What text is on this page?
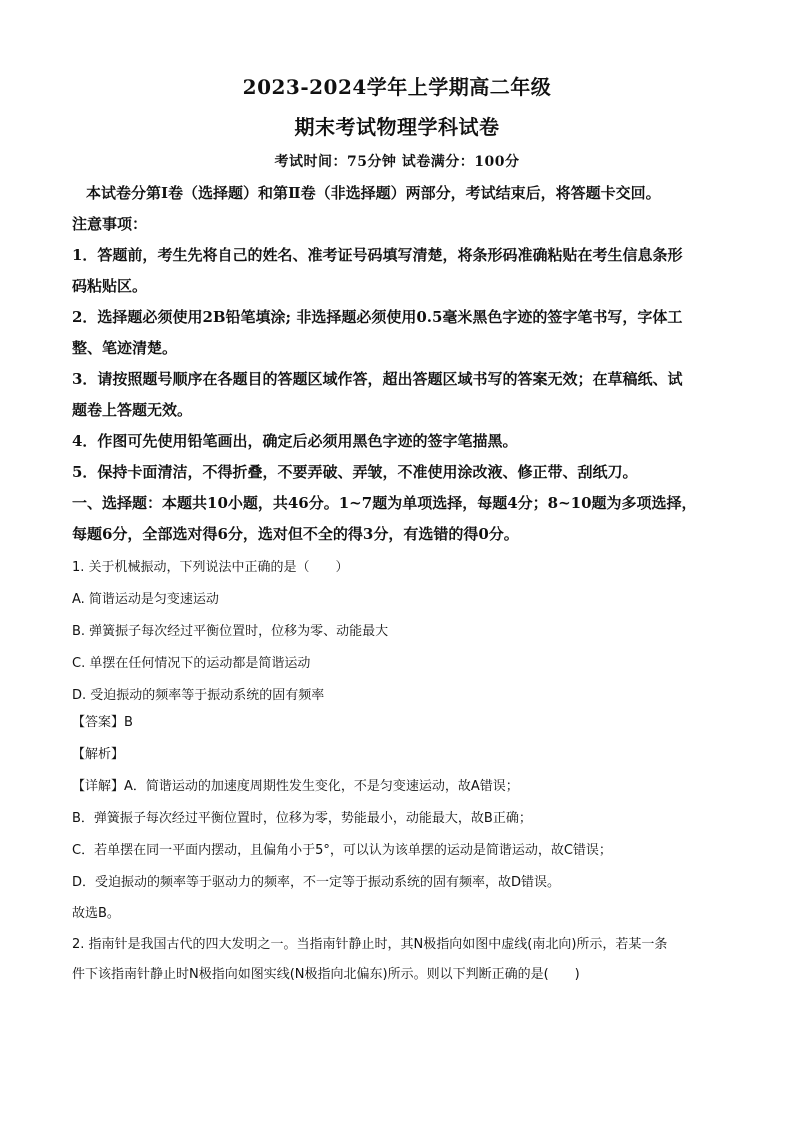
2023-2024学年上学期高二年级
期末考试物理学科试卷
考试时间：75分钟 试卷满分：100分
本试卷分第Ⅰ卷（选择题）和第Ⅱ卷（非选择题）两部分，考试结束后，将答题卡交回。
注意事项：
1．答题前，考生先将自己的姓名、准考证号码填写清楚，将条形码准确粘贴在考生信息条形
码粘贴区。
2．选择题必须使用2B铅笔填涂; 非选择题必须使用0.5毫米黑色字迹的签字笔书写，字体工
整、笔迹清楚。
3．请按照题号顺序在各题目的答题区域作答，超出答题区域书写的答案无效；在草稿纸、试
题卷上答题无效。
4．作图可先使用铅笔画出，确定后必须用黑色字迹的签字笔描黑。
5．保持卡面清洁，不得折叠，不要弄破、弄皱，不准使用涂改液、修正带、刮纸刀。
一、选择题：本题共10小题，共46分。1~7题为单项选择，每题4分；8~10题为多项选择，
每题6分，全部选对得6分，选对但不全的得3分，有选错的得0分。
1. 关于机械振动，下列说法中正确的是（　　）
A. 简谐运动是匀变速运动
B. 弹簧振子每次经过平衡位置时，位移为零、动能最大
C. 单摆在任何情况下的运动都是简谐运动
D. 受迫振动的频率等于振动系统的固有频率
【答案】B
【解析】
【详解】A．简谐运动的加速度周期性发生变化，不是匀变速运动，故A错误；
B．弹簧振子每次经过平衡位置时，位移为零，势能最小，动能最大，故B正确；
C．若单摆在同一平面内摆动，且偏角小于5°，可以认为该单摆的运动是简谐运动，故C错误；
D．受迫振动的频率等于驱动力的频率，不一定等于振动系统的固有频率，故D错误。
故选B。
2. 指南针是我国古代的四大发明之一。当指南针静止时，其N极指向如图中虚线(南北向)所示，若某一条
件下该指南针静止时N极指向如图实线(N极指向北偏东)所示。则以下判断正确的是(　　)
